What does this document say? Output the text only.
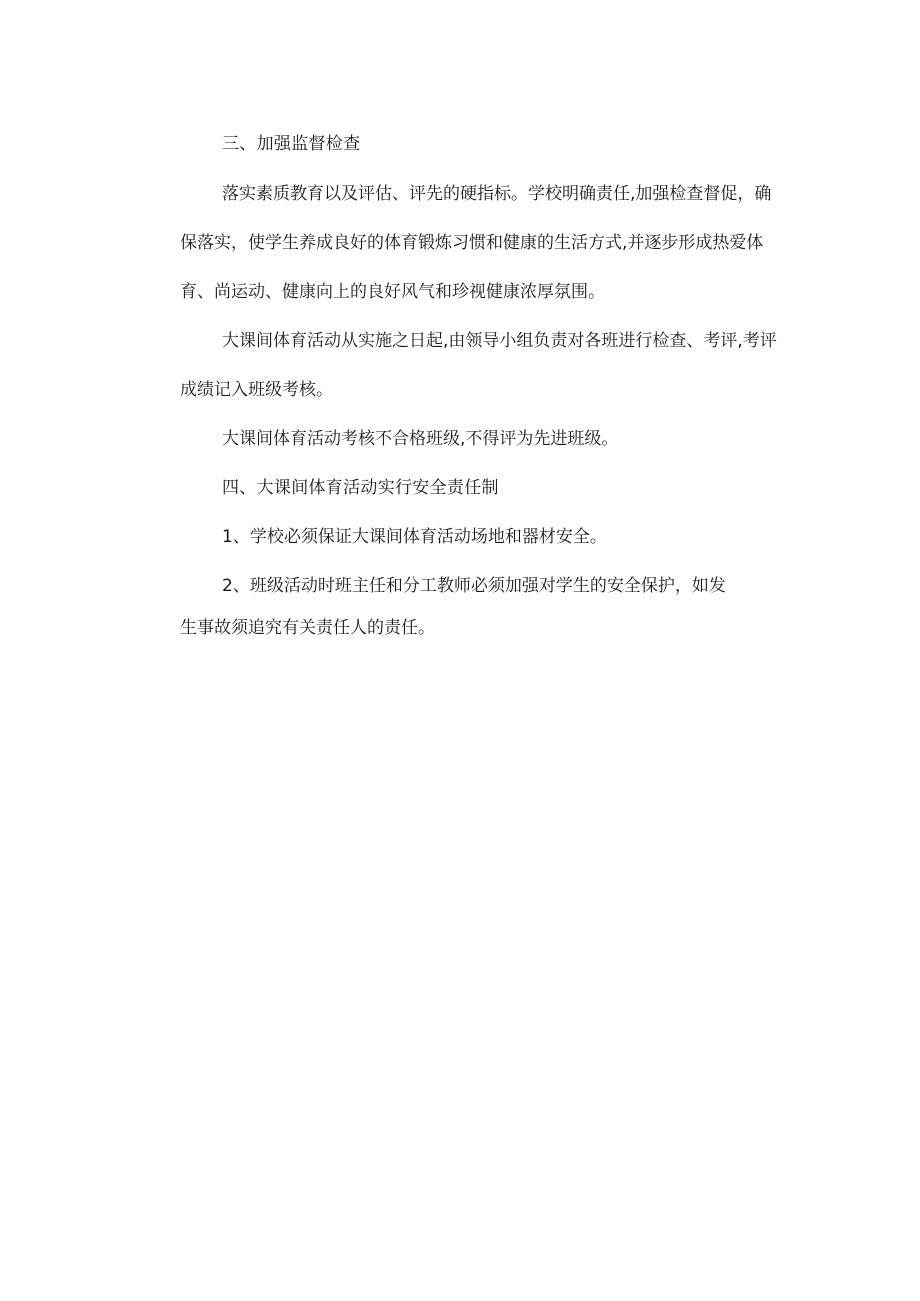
三、加强监督检查
落实素质教育以及评估、评先的硬指标。学校明确责任,加强检查督促，确
保落实，使学生养成良好的体育锻炼习惯和健康的生活方式,并逐步形成热爱体
育、尚运动、健康向上的良好风气和珍视健康浓厚氛围。
大课间体育活动从实施之日起,由领导小组负责对各班进行检查、考评,考评
成绩记入班级考核。
大课间体育活动考核不合格班级,不得评为先进班级。
四、大课间体育活动实行安全责任制
1、学校必须保证大课间体育活动场地和器材安全。
2、班级活动时班主任和分工教师必须加强对学生的安全保护，如发
生事故须追究有关责任人的责任。
